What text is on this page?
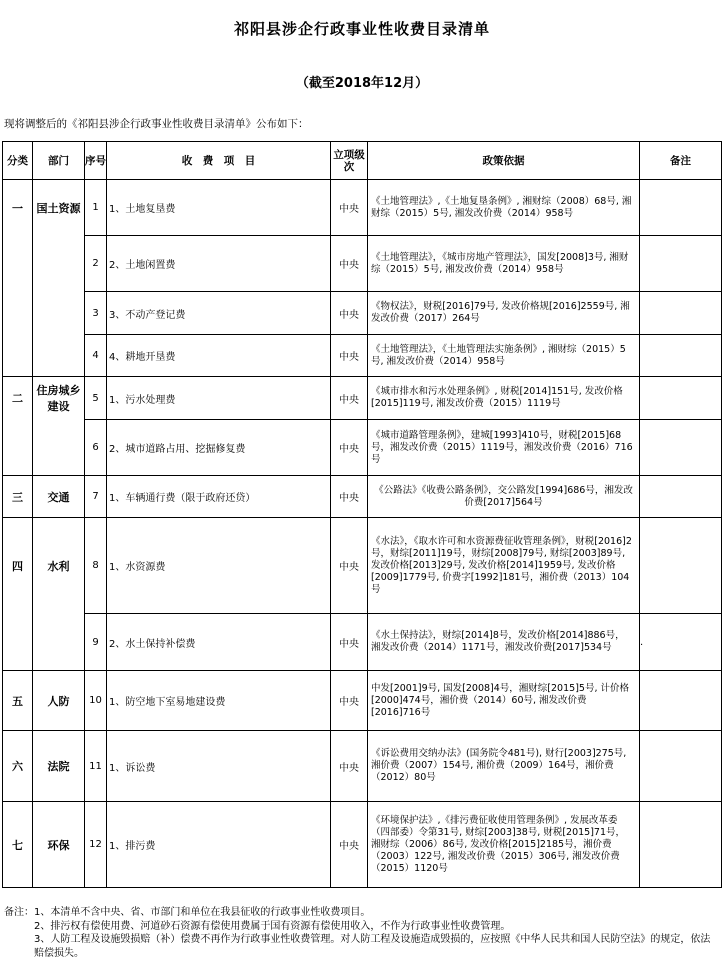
祁阳县涉企行政事业性收费目录清单
（截至2018年12月）
现将调整后的《祁阳县涉企行政事业性收费目录清单》公布如下：
分类	部门	序号	收　费　项　目	立项级次	政策依据	备注
一	国土资源	1	1、土地复垦费	中央	《土地管理法》,《土地复垦条例》, 湘财综（2008）68号, 湘财综（2015）5号, 湘发改价费（2014）958号	
		2	2、土地闲置费	中央	《土地管理法》，《城市房地产管理法》，国发[2008]3号, 湘财综（2015）5号, 湘发改价费（2014）958号	
		3	3、不动产登记费	中央	《物权法》，财税[2016]79号, 发改价格规[2016]2559号, 湘发改价费（2017）264号	
		4	4、耕地开垦费	中央	《土地管理法》，《土地管理法实施条例》, 湘财综（2015）5号, 湘发改价费（2014）958号	
二	住房城乡建设	5	1、污水处理费	中央	《城市排水和污水处理条例》, 财税[2014]151号, 发改价格[2015]119号, 湘发改价费（2015）1119号	
		6	2、城市道路占用、挖掘修复费	中央	《城市道路管理条例》，建城[1993]410号，财税[2015]68号，湘发改价费（2015）1119号，湘发改价费（2016）716号	
三	交通	7	1、车辆通行费（限于政府还贷）	中央	《公路法》《收费公路条例》，交公路发[1994]686号，湘发改价费[2017]564号	
四	水利	8	1、水资源费	中央	《水法》，《取水许可和水资源费征收管理条例》，财税[2016]2号，财综[2011]19号，财综[2008]79号, 财综[2003]89号, 发改价格[2013]29号, 发改价格[2014]1959号, 发改价格[2009]1779号, 价费字[1992]181号，湘价费（2013）104号	
		9	2、水土保持补偿费	中央	《水土保持法》，财综[2014]8号，发改价格[2014]886号，　湘发改价费（2014）1171号，湘发改价费[2017]534号	.
五	人防	10	1、防空地下室易地建设费	中央	中发[2001]9号, 国发[2008]4号，湘财综[2015]5号, 计价格[2000]474号，湘价费（2014）60号, 湘发改价费[2016]716号	
六	法院	11	1、诉讼费	中央	《诉讼费用交纳办法》(国务院令481号), 财行[2003]275号, 湘价费（2007）154号, 湘价费（2009）164号，湘价费（2012）80号	
七	环保	12	1、排污费	中央	《环境保护法》,《排污费征收使用管理条例》, 发展改革委（四部委）令第31号, 财综[2003]38号, 财税[2015]71号，　湘财综（2006）86号, 发改价格[2015]2185号，湘价费（2003）122号, 湘发改价费（2015）306号, 湘发改价费（2015）1120号	
备注：1、本清单不含中央、省、市部门和单位在我县征收的行政事业性收费项目。
2、排污权有偿使用费、河道砂石资源有偿使用费属于国有资源有偿使用收入，不作为行政事业性收费管理。
3、人防工程及设施毁损赔（补）偿费不再作为行政事业性收费管理。对人防工程及设施造成毁损的，应按照《中华人民共和国人民防空法》的规定，依法赔偿损失。
